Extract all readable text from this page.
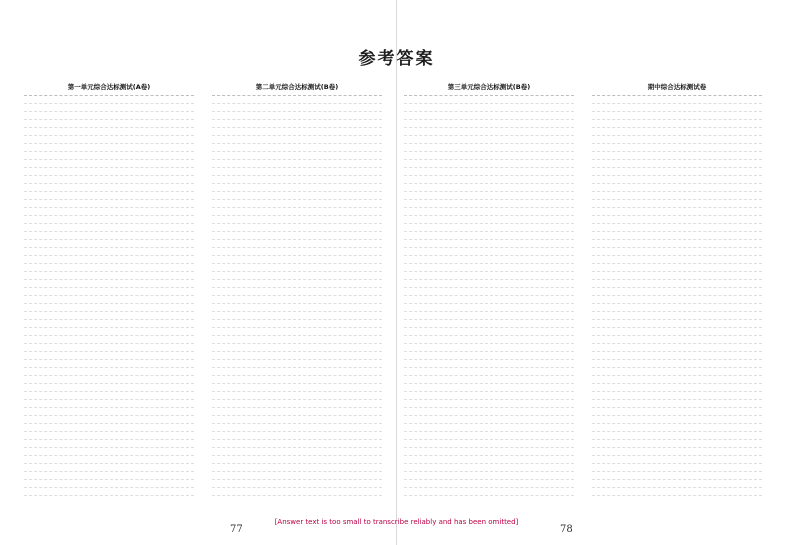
参考答案
第一单元综合达标测试(A卷)	第二单元综合达标测试(B卷)	第三单元综合达标测试(B卷)	期中综合达标测试卷
[Answer text is too small to transcribe reliably and has been omitted]
77	78
